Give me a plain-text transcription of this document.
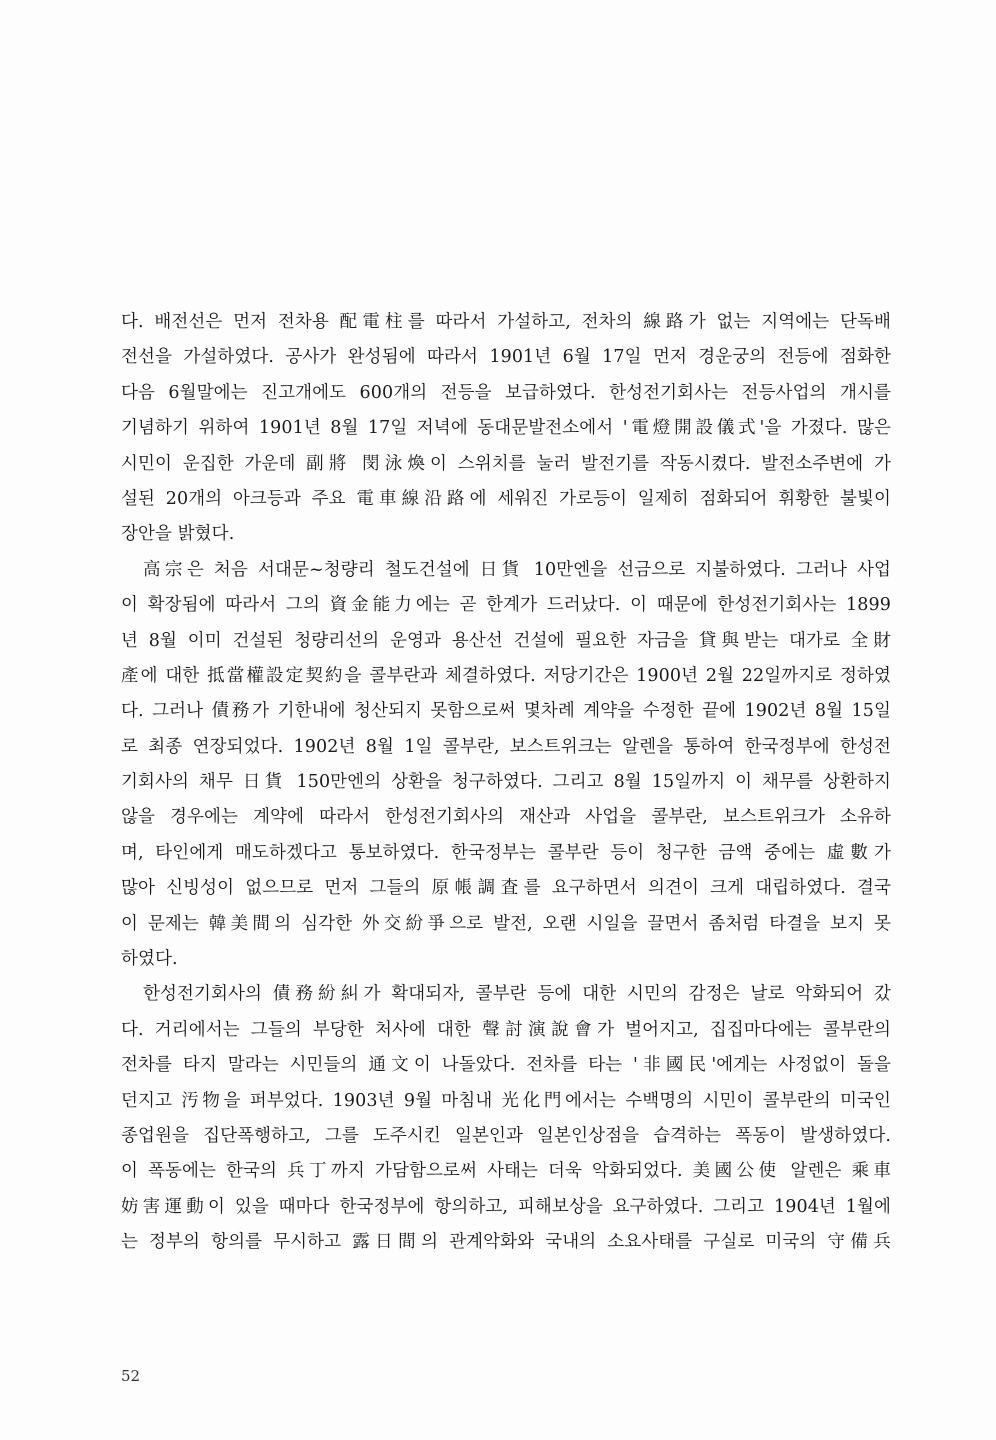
다. 배전선은 먼저 전차용 配電柱를 따라서 가설하고, 전차의 線路가 없는 지역에는 단독배
전선을 가설하였다. 공사가 완성됨에 따라서 1901년 6월 17일 먼저 경운궁의 전등에 점화한
다음 6월말에는 진고개에도 600개의 전등을 보급하였다. 한성전기회사는 전등사업의 개시를
기념하기 위하여 1901년 8월 17일 저녁에 동대문발전소에서 '電燈開設儀式'을 가졌다. 많은
시민이 운집한 가운데 副將 閔泳煥이 스위치를 눌러 발전기를 작동시켰다. 발전소주변에 가
설된 20개의 아크등과 주요 電車線沿路에 세워진 가로등이 일제히 점화되어 휘황한 불빛이
장안을 밝혔다.
高宗은 처음 서대문~청량리 철도건설에 日貨 10만엔을 선금으로 지불하였다. 그러나 사업
이 확장됨에 따라서 그의 資金能力에는 곧 한계가 드러났다. 이 때문에 한성전기회사는 1899
년 8월 이미 건설된 청량리선의 운영과 용산선 건설에 필요한 자금을 貸與받는 대가로 全財
產에 대한 抵當權設定契約을 콜부란과 체결하였다. 저당기간은 1900년 2월 22일까지로 정하였
다. 그러나 債務가 기한내에 청산되지 못함으로써 몇차례 계약을 수정한 끝에 1902년 8월 15일
로 최종 연장되었다. 1902년 8월 1일 콜부란, 보스트위크는 알렌을 통하여 한국정부에 한성전
기회사의 채무 日貨 150만엔의 상환을 청구하였다. 그리고 8월 15일까지 이 채무를 상환하지
않을 경우에는 계약에 따라서 한성전기회사의 재산과 사업을 콜부란, 보스트위크가 소유하
며, 타인에게 매도하겠다고 통보하였다. 한국정부는 콜부란 등이 청구한 금액 중에는 虛數가
많아 신빙성이 없으므로 먼저 그들의 原帳調査를 요구하면서 의견이 크게 대립하였다. 결국
이 문제는 韓美間의 심각한 外交紛爭으로 발전, 오랜 시일을 끌면서 좀처럼 타결을 보지 못
하였다.
한성전기회사의 債務紛糾가 확대되자, 콜부란 등에 대한 시민의 감정은 날로 악화되어 갔
다. 거리에서는 그들의 부당한 처사에 대한 聲討演說會가 벌어지고, 집집마다에는 콜부란의
전차를 타지 말라는 시민들의 通文이 나돌았다. 전차를 타는 '非國民'에게는 사정없이 돌을
던지고 汚物을 퍼부었다. 1903년 9월 마침내 光化門에서는 수백명의 시민이 콜부란의 미국인
종업원을 집단폭행하고, 그를 도주시킨 일본인과 일본인상점을 습격하는 폭동이 발생하였다.
이 폭동에는 한국의 兵丁까지 가담함으로써 사태는 더욱 악화되었다. 美國公使 알렌은 乘車
妨害運動이 있을 때마다 한국정부에 항의하고, 피해보상을 요구하였다. 그리고 1904년 1월에
는 정부의 항의를 무시하고 露日間의 관계악화와 국내의 소요사태를 구실로 미국의 守備兵
52
